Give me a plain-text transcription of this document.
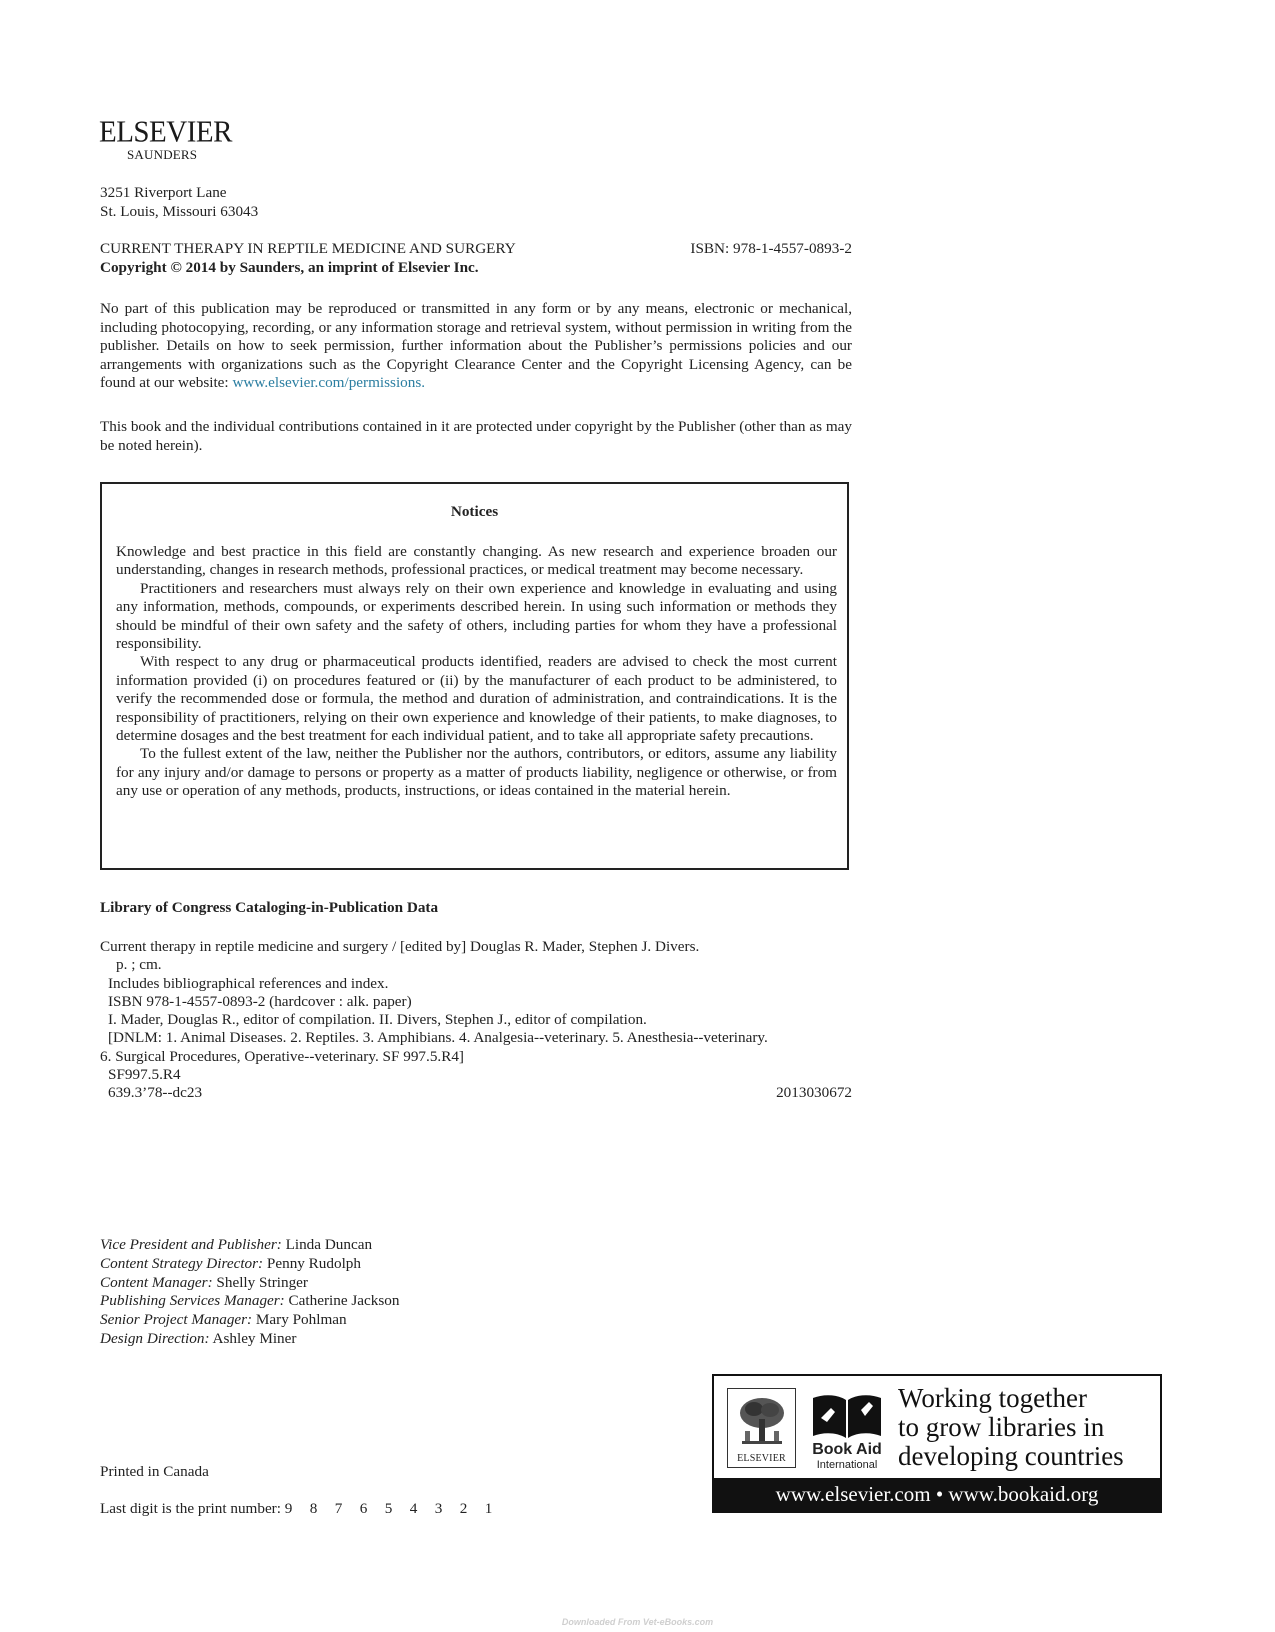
ELSEVIER
SAUNDERS
3251 Riverport Lane
St. Louis, Missouri 63043
CURRENT THERAPY IN REPTILE MEDICINE AND SURGERY	ISBN: 978-1-4557-0893-2
Copyright © 2014 by Saunders, an imprint of Elsevier Inc.
No part of this publication may be reproduced or transmitted in any form or by any means, electronic or mechanical, including photocopying, recording, or any information storage and retrieval system, without permission in writing from the publisher. Details on how to seek permission, further information about the Publisher’s permissions policies and our arrangements with organizations such as the Copyright Clearance Center and the Copyright Licensing Agency, can be found at our website: www.elsevier.com/permissions.
This book and the individual contributions contained in it are protected under copyright by the Publisher (other than as may be noted herein).
Notices

Knowledge and best practice in this field are constantly changing. As new research and experience broaden our understanding, changes in research methods, professional practices, or medical treatment may become necessary.

Practitioners and researchers must always rely on their own experience and knowledge in evaluating and using any information, methods, compounds, or experiments described herein. In using such information or methods they should be mindful of their own safety and the safety of others, including parties for whom they have a professional responsibility.

With respect to any drug or pharmaceutical products identified, readers are advised to check the most current information provided (i) on procedures featured or (ii) by the manufacturer of each product to be administered, to verify the recommended dose or formula, the method and duration of administration, and contraindications. It is the responsibility of practitioners, relying on their own experience and knowledge of their patients, to make diagnoses, to determine dosages and the best treatment for each individual patient, and to take all appropriate safety precautions.

To the fullest extent of the law, neither the Publisher nor the authors, contributors, or editors, assume any liability for any injury and/or damage to persons or property as a matter of products liability, negligence or otherwise, or from any use or operation of any methods, products, instructions, or ideas contained in the material herein.

Library of Congress Cataloging-in-Publication Data
Current therapy in reptile medicine and surgery / [edited by] Douglas R. Mader, Stephen J. Divers.
p. ; cm.
Includes bibliographical references and index.
ISBN 978-1-4557-0893-2 (hardcover : alk. paper)
I. Mader, Douglas R., editor of compilation. II. Divers, Stephen J., editor of compilation.
[DNLM: 1. Animal Diseases. 2. Reptiles. 3. Amphibians. 4. Analgesia--veterinary. 5. Anesthesia--veterinary.
6. Surgical Procedures, Operative--veterinary. SF 997.5.R4]
SF997.5.R4
639.3’78--dc23	2013030672
Vice President and Publisher: Linda Duncan
Content Strategy Director: Penny Rudolph
Content Manager: Shelly Stringer
Publishing Services Manager: Catherine Jackson
Senior Project Manager: Mary Pohlman
Design Direction: Ashley Miner
Printed in Canada
Last digit is the print number: 9 8 7 6 5 4 3 2 1
ELSEVIER
Book Aid
International
Working together
to grow libraries in
developing countries
www.elsevier.com • www.bookaid.org
Downloaded From Vet-eBooks.com
